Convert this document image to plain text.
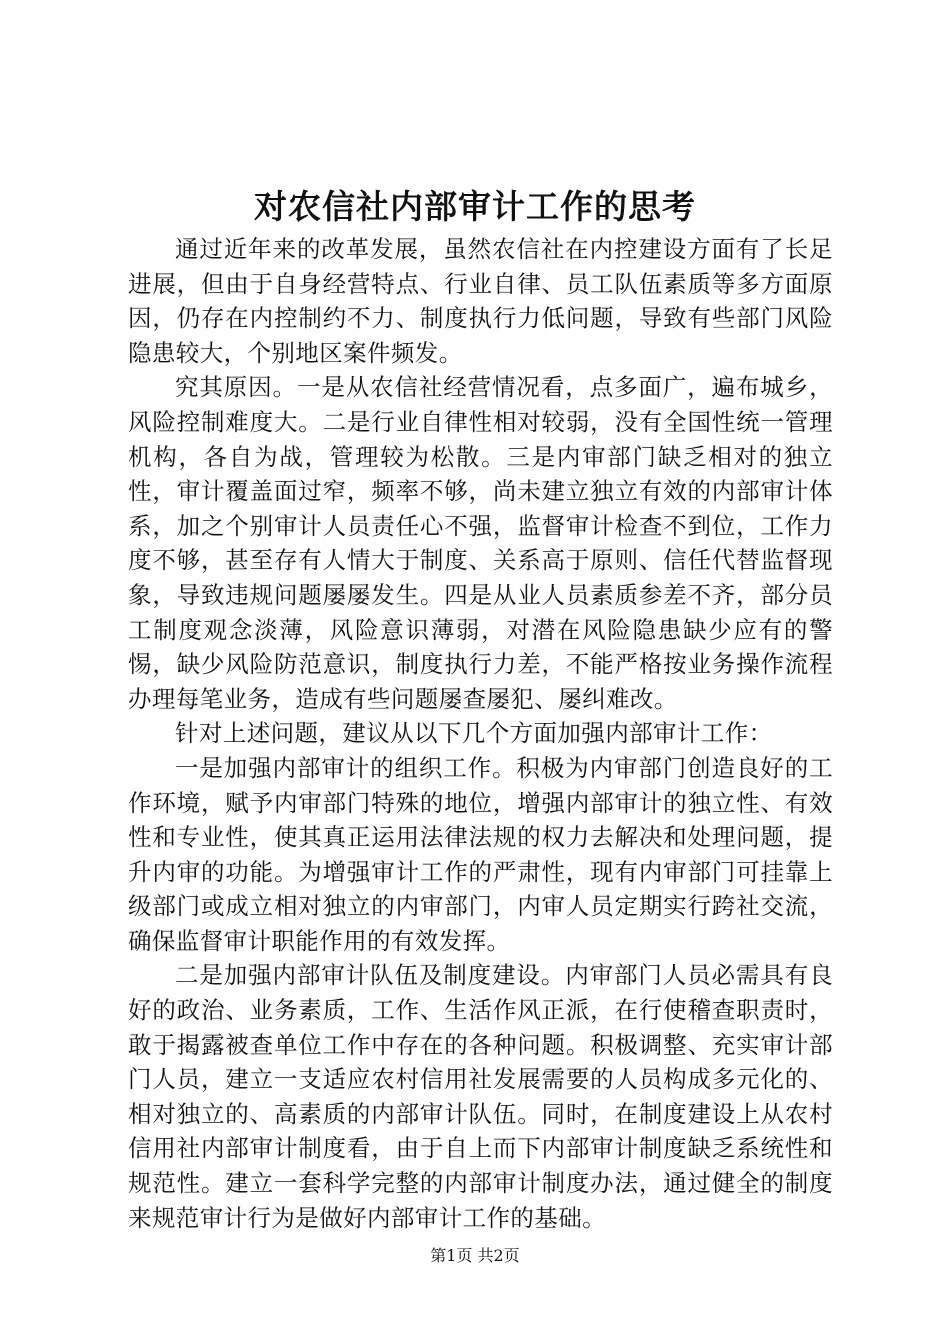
对农信社内部审计工作的思考

通过近年来的改革发展，虽然农信社在内控建设方面有了长足进展，但由于自身经营特点、行业自律、员工队伍素质等多方面原因，仍存在内控制约不力、制度执行力低问题，导致有些部门风险隐患较大，个别地区案件频发。

究其原因。一是从农信社经营情况看，点多面广，遍布城乡，风险控制难度大。二是行业自律性相对较弱，没有全国性统一管理机构，各自为战，管理较为松散。三是内审部门缺乏相对的独立性，审计覆盖面过窄，频率不够，尚未建立独立有效的内部审计体系，加之个别审计人员责任心不强，监督审计检查不到位，工作力度不够，甚至存有人情大于制度、关系高于原则、信任代替监督现象，导致违规问题屡屡发生。四是从业人员素质参差不齐，部分员工制度观念淡薄，风险意识薄弱，对潜在风险隐患缺少应有的警惕，缺少风险防范意识，制度执行力差，不能严格按业务操作流程办理每笔业务，造成有些问题屡查屡犯、屡纠难改。

针对上述问题，建议从以下几个方面加强内部审计工作：

一是加强内部审计的组织工作。积极为内审部门创造良好的工作环境，赋予内审部门特殊的地位，增强内部审计的独立性、有效性和专业性，使其真正运用法律法规的权力去解决和处理问题，提升内审的功能。为增强审计工作的严肃性，现有内审部门可挂靠上级部门或成立相对独立的内审部门，内审人员定期实行跨社交流，确保监督审计职能作用的有效发挥。

二是加强内部审计队伍及制度建设。内审部门人员必需具有良好的政治、业务素质，工作、生活作风正派，在行使稽查职责时，敢于揭露被查单位工作中存在的各种问题。积极调整、充实审计部门人员，建立一支适应农村信用社发展需要的人员构成多元化的、相对独立的、高素质的内部审计队伍。同时，在制度建设上从农村信用社内部审计制度看，由于自上而下内部审计制度缺乏系统性和规范性。建立一套科学完整的内部审计制度办法，通过健全的制度来规范审计行为是做好内部审计工作的基础。

第1页 共2页
